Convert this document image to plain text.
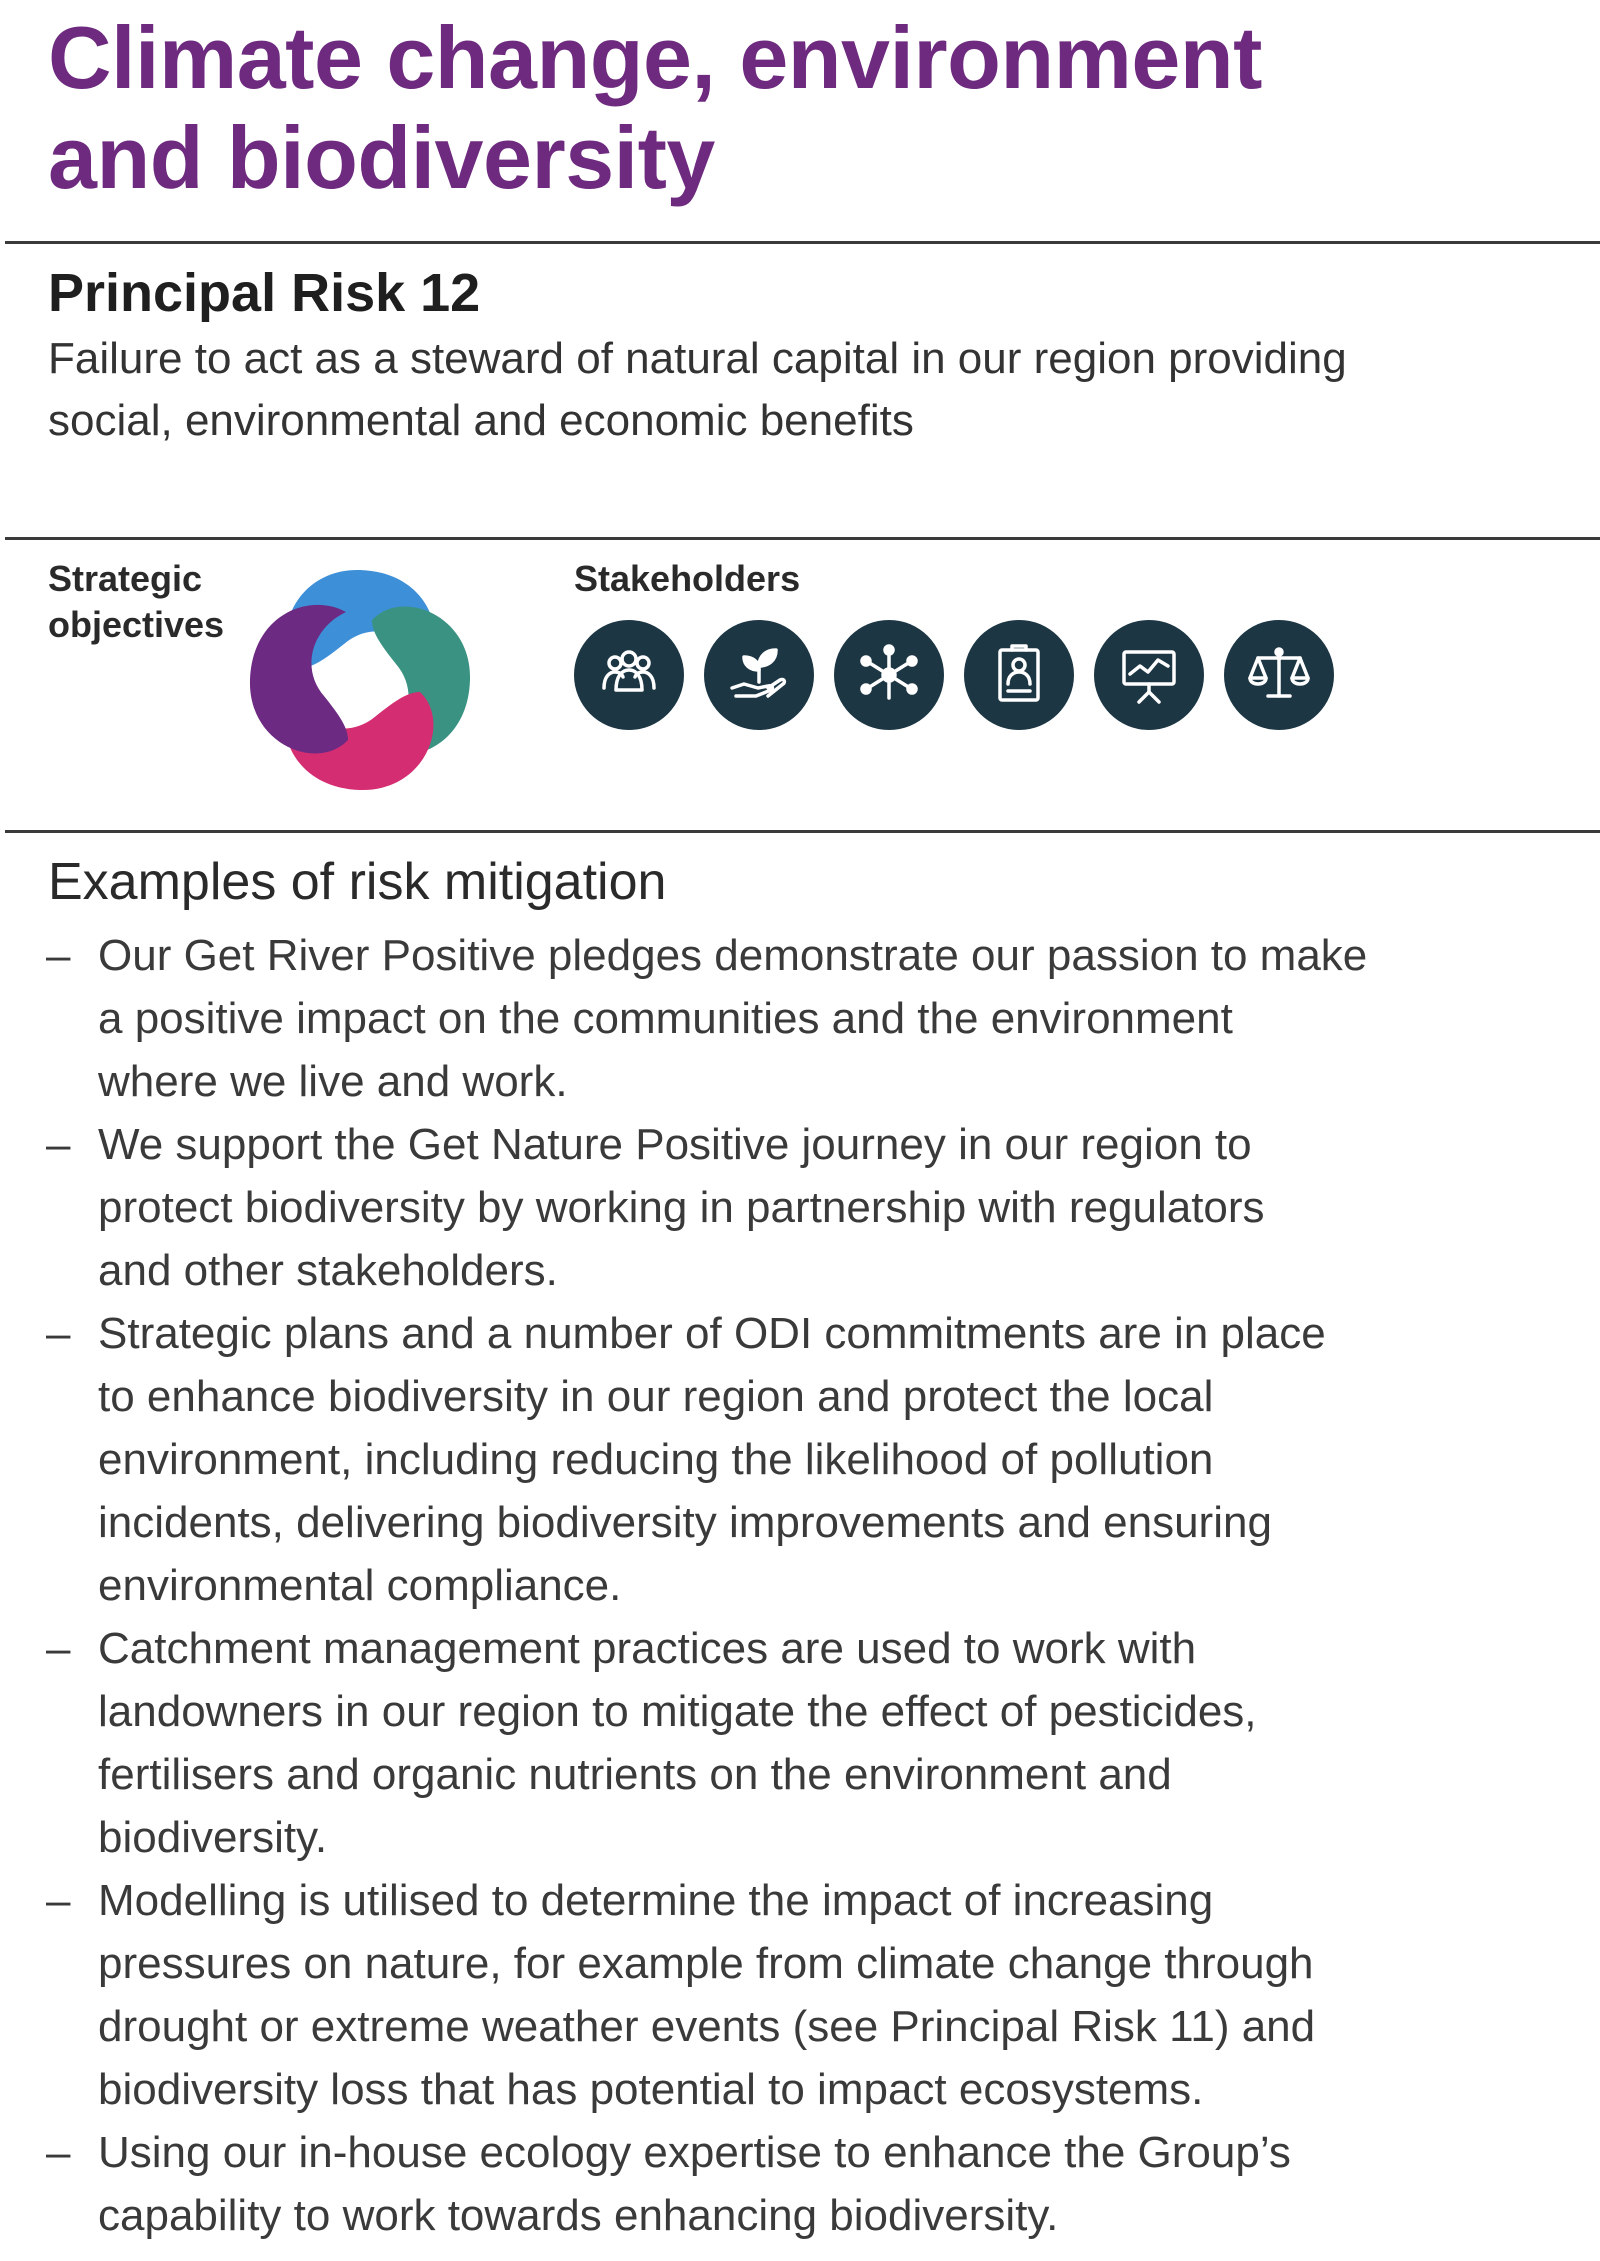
Climate change, environment
and biodiversity
Principal Risk 12

Failure to act as a steward of natural capital in our region providing
social, environmental and economic benefits

Strategic
objectives

Stakeholders

Examples of risk mitigation
– Our Get River Positive pledges demonstrate our passion to make
a positive impact on the communities and the environment
where we live and work.
– We support the Get Nature Positive journey in our region to
protect biodiversity by working in partnership with regulators
and other stakeholders.
– Strategic plans and a number of ODI commitments are in place
to enhance biodiversity in our region and protect the local
environment, including reducing the likelihood of pollution
incidents, delivering biodiversity improvements and ensuring
environmental compliance.
– Catchment management practices are used to work with
landowners in our region to mitigate the effect of pesticides,
fertilisers and organic nutrients on the environment and
biodiversity.
– Modelling is utilised to determine the impact of increasing
pressures on nature, for example from climate change through
drought or extreme weather events (see Principal Risk 11) and
biodiversity loss that has potential to impact ecosystems.
– Using our in-house ecology expertise to enhance the Group’s
capability to work towards enhancing biodiversity.
